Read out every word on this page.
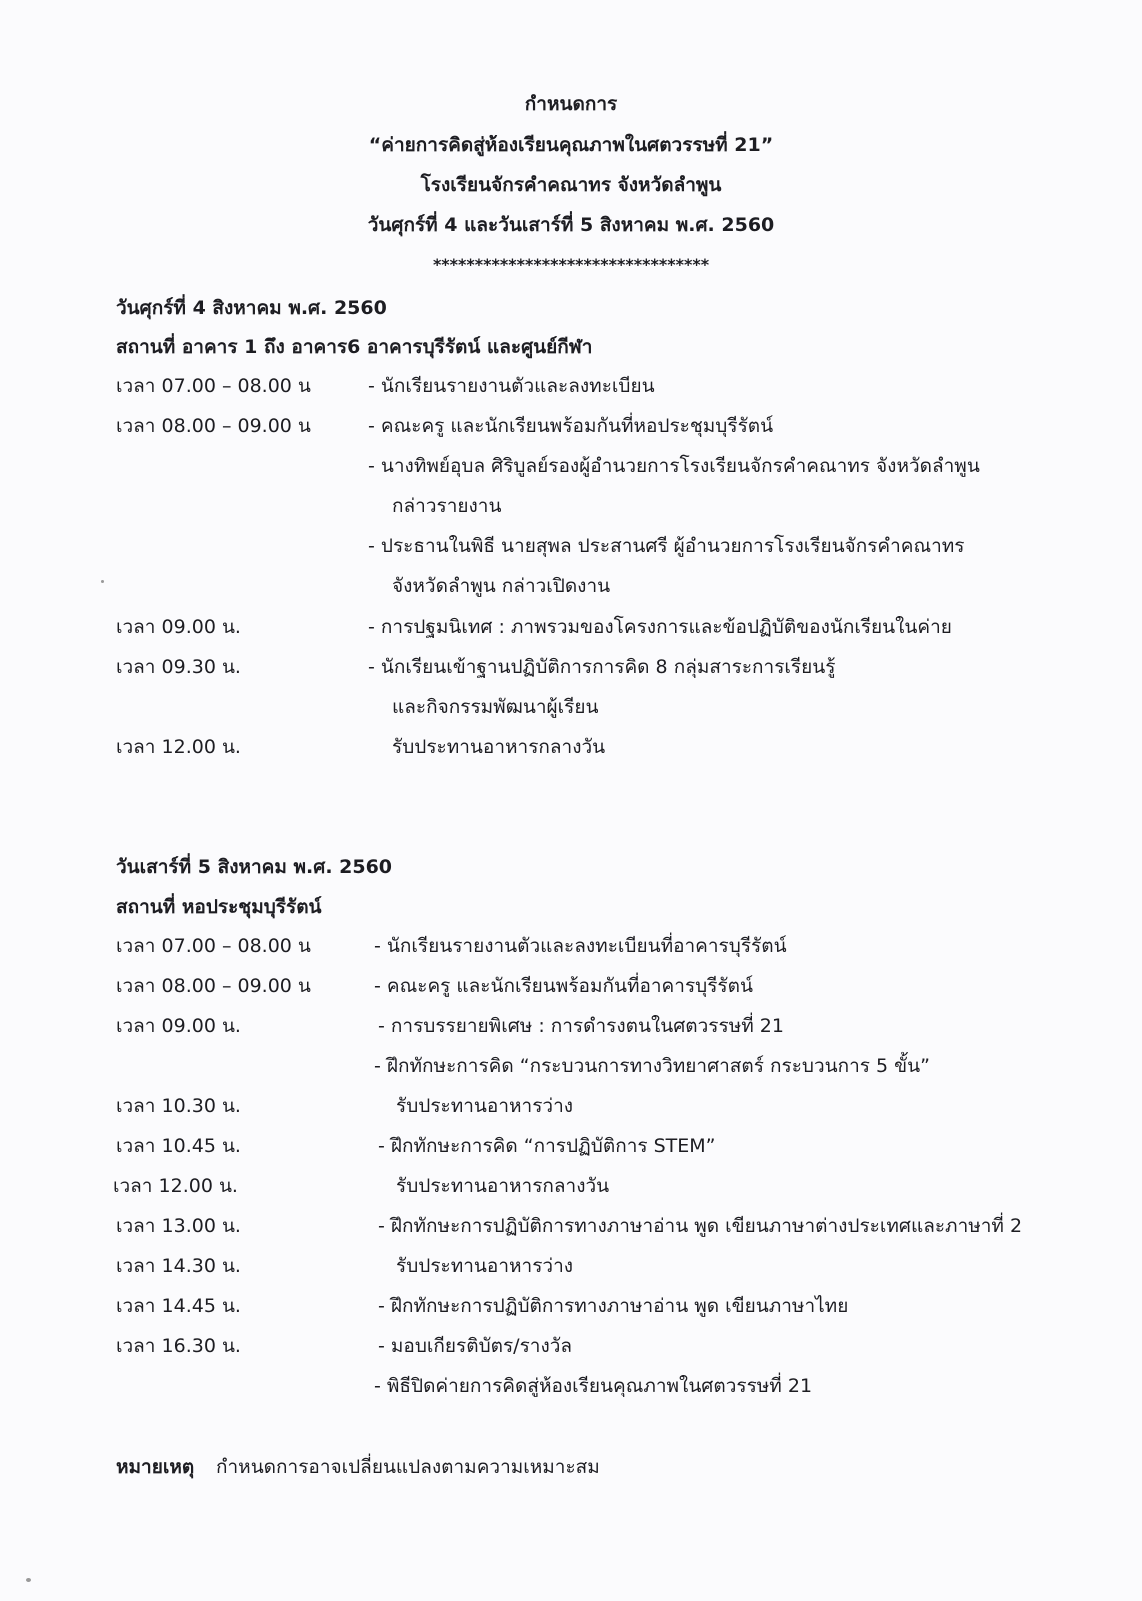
กำหนดการ
“ค่ายการคิดสู่ห้องเรียนคุณภาพในศตวรรษที่ 21”
โรงเรียนจักรคำคณาทร จังหวัดลำพูน
วันศุกร์ที่ 4 และวันเสาร์ที่ 5 สิงหาคม พ.ศ. 2560
*********************************
วันศุกร์ที่ 4 สิงหาคม พ.ศ. 2560
สถานที่ อาคาร 1 ถึง อาคาร6 อาคารบุรีรัตน์ และศูนย์กีฬา
เวลา 07.00 – 08.00 น	- นักเรียนรายงานตัวและลงทะเบียน
เวลา 08.00 – 09.00 น	- คณะครู และนักเรียนพร้อมกันที่หอประชุมบุรีรัตน์
- นางทิพย์อุบล ศิริบูลย์รองผู้อำนวยการโรงเรียนจักรคำคณาทร จังหวัดลำพูน
กล่าวรายงาน
- ประธานในพิธี นายสุพล ประสานศรี ผู้อำนวยการโรงเรียนจักรคำคณาทร
จังหวัดลำพูน กล่าวเปิดงาน
เวลา 09.00 น.	- การปฐมนิเทศ : ภาพรวมของโครงการและข้อปฏิบัติของนักเรียนในค่าย
เวลา 09.30 น.	- นักเรียนเข้าฐานปฏิบัติการการคิด 8 กลุ่มสาระการเรียนรู้
และกิจกรรมพัฒนาผู้เรียน
เวลา 12.00 น.	รับประทานอาหารกลางวัน
วันเสาร์ที่ 5 สิงหาคม พ.ศ. 2560
สถานที่ หอประชุมบุรีรัตน์
เวลา 07.00 – 08.00 น	- นักเรียนรายงานตัวและลงทะเบียนที่อาคารบุรีรัตน์
เวลา 08.00 – 09.00 น	- คณะครู และนักเรียนพร้อมกันที่อาคารบุรีรัตน์
เวลา 09.00 น.	- การบรรยายพิเศษ : การดำรงตนในศตวรรษที่ 21
- ฝึกทักษะการคิด “กระบวนการทางวิทยาศาสตร์ กระบวนการ 5 ขั้น”
เวลา 10.30 น.	รับประทานอาหารว่าง
เวลา 10.45 น.	- ฝึกทักษะการคิด “การปฏิบัติการ STEM”
เวลา 12.00 น.	รับประทานอาหารกลางวัน
เวลา 13.00 น.	- ฝึกทักษะการปฏิบัติการทางภาษาอ่าน พูด เขียนภาษาต่างประเทศและภาษาที่ 2
เวลา 14.30 น.	รับประทานอาหารว่าง
เวลา 14.45 น.	- ฝึกทักษะการปฏิบัติการทางภาษาอ่าน พูด เขียนภาษาไทย
เวลา 16.30 น.	- มอบเกียรติบัตร/รางวัล
- พิธีปิดค่ายการคิดสู่ห้องเรียนคุณภาพในศตวรรษที่ 21
หมายเหตุ กำหนดการอาจเปลี่ยนแปลงตามความเหมาะสม
